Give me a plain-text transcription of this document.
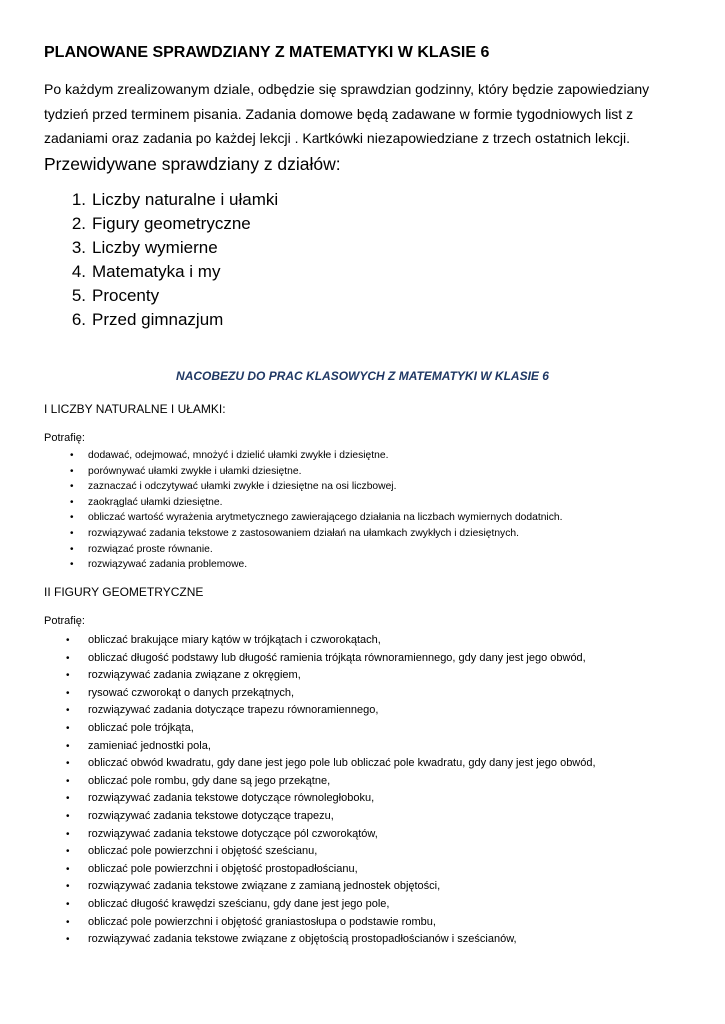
PLANOWANE SPRAWDZIANY Z MATEMATYKI W KLASIE 6

Po każdym zrealizowanym dziale, odbędzie się sprawdzian godzinny, który będzie zapowiedziany tydzień przed terminem pisania. Zadania domowe będą zadawane w formie tygodniowych list z zadaniami oraz zadania po każdej lekcji . Kartkówki niezapowiedziane z trzech ostatnich lekcji.

Przewidywane sprawdziany z działów:
1. Liczby naturalne i ułamki
2. Figury geometryczne
3. Liczby wymierne
4. Matematyka i my
5. Procenty
6. Przed gimnazjum

NACOBEZU DO PRAC KLASOWYCH Z MATEMATYKI W KLASIE 6

I LICZBY NATURALNE I UŁAMKI:

Potrafię:

• dodawać, odejmować, mnożyć i dzielić ułamki zwykłe i dziesiętne.
• porównywać ułamki zwykłe i ułamki dziesiętne.
• zaznaczać i odczytywać ułamki zwykłe i dziesiętne na osi liczbowej.
• zaokrąglać ułamki dziesiętne.
• obliczać wartość wyrażenia arytmetycznego zawierającego działania na liczbach wymiernych dodatnich.
• rozwiązywać zadania tekstowe z zastosowaniem działań na ułamkach zwykłych i dziesiętnych.
• rozwiązać proste równanie.
• rozwiązywać zadania problemowe.

II FIGURY GEOMETRYCZNE

Potrafię:

• obliczać brakujące miary kątów w trójkątach i czworokątach,
• obliczać długość podstawy lub długość ramienia trójkąta równoramiennego, gdy dany jest jego obwód,
• rozwiązywać zadania związane z okręgiem,
• rysować czworokąt o danych przekątnych,
• rozwiązywać zadania dotyczące trapezu równoramiennego,
• obliczać pole trójkąta,
• zamieniać jednostki pola,
• obliczać obwód kwadratu, gdy dane jest jego pole lub obliczać pole kwadratu, gdy dany jest jego obwód,
• obliczać pole rombu, gdy dane są jego przekątne,
• rozwiązywać zadania tekstowe dotyczące równoległoboku,
• rozwiązywać zadania tekstowe dotyczące trapezu,
• rozwiązywać zadania tekstowe dotyczące pól czworokątów,
• obliczać pole powierzchni i objętość sześcianu,
• obliczać pole powierzchni i objętość prostopadłościanu,
• rozwiązywać zadania tekstowe związane z zamianą jednostek objętości,
• obliczać długość krawędzi sześcianu, gdy dane jest jego pole,
• obliczać pole powierzchni i objętość graniastosłupa o podstawie rombu,
• rozwiązywać zadania tekstowe związane z objętością prostopadłościanów i sześcianów,
